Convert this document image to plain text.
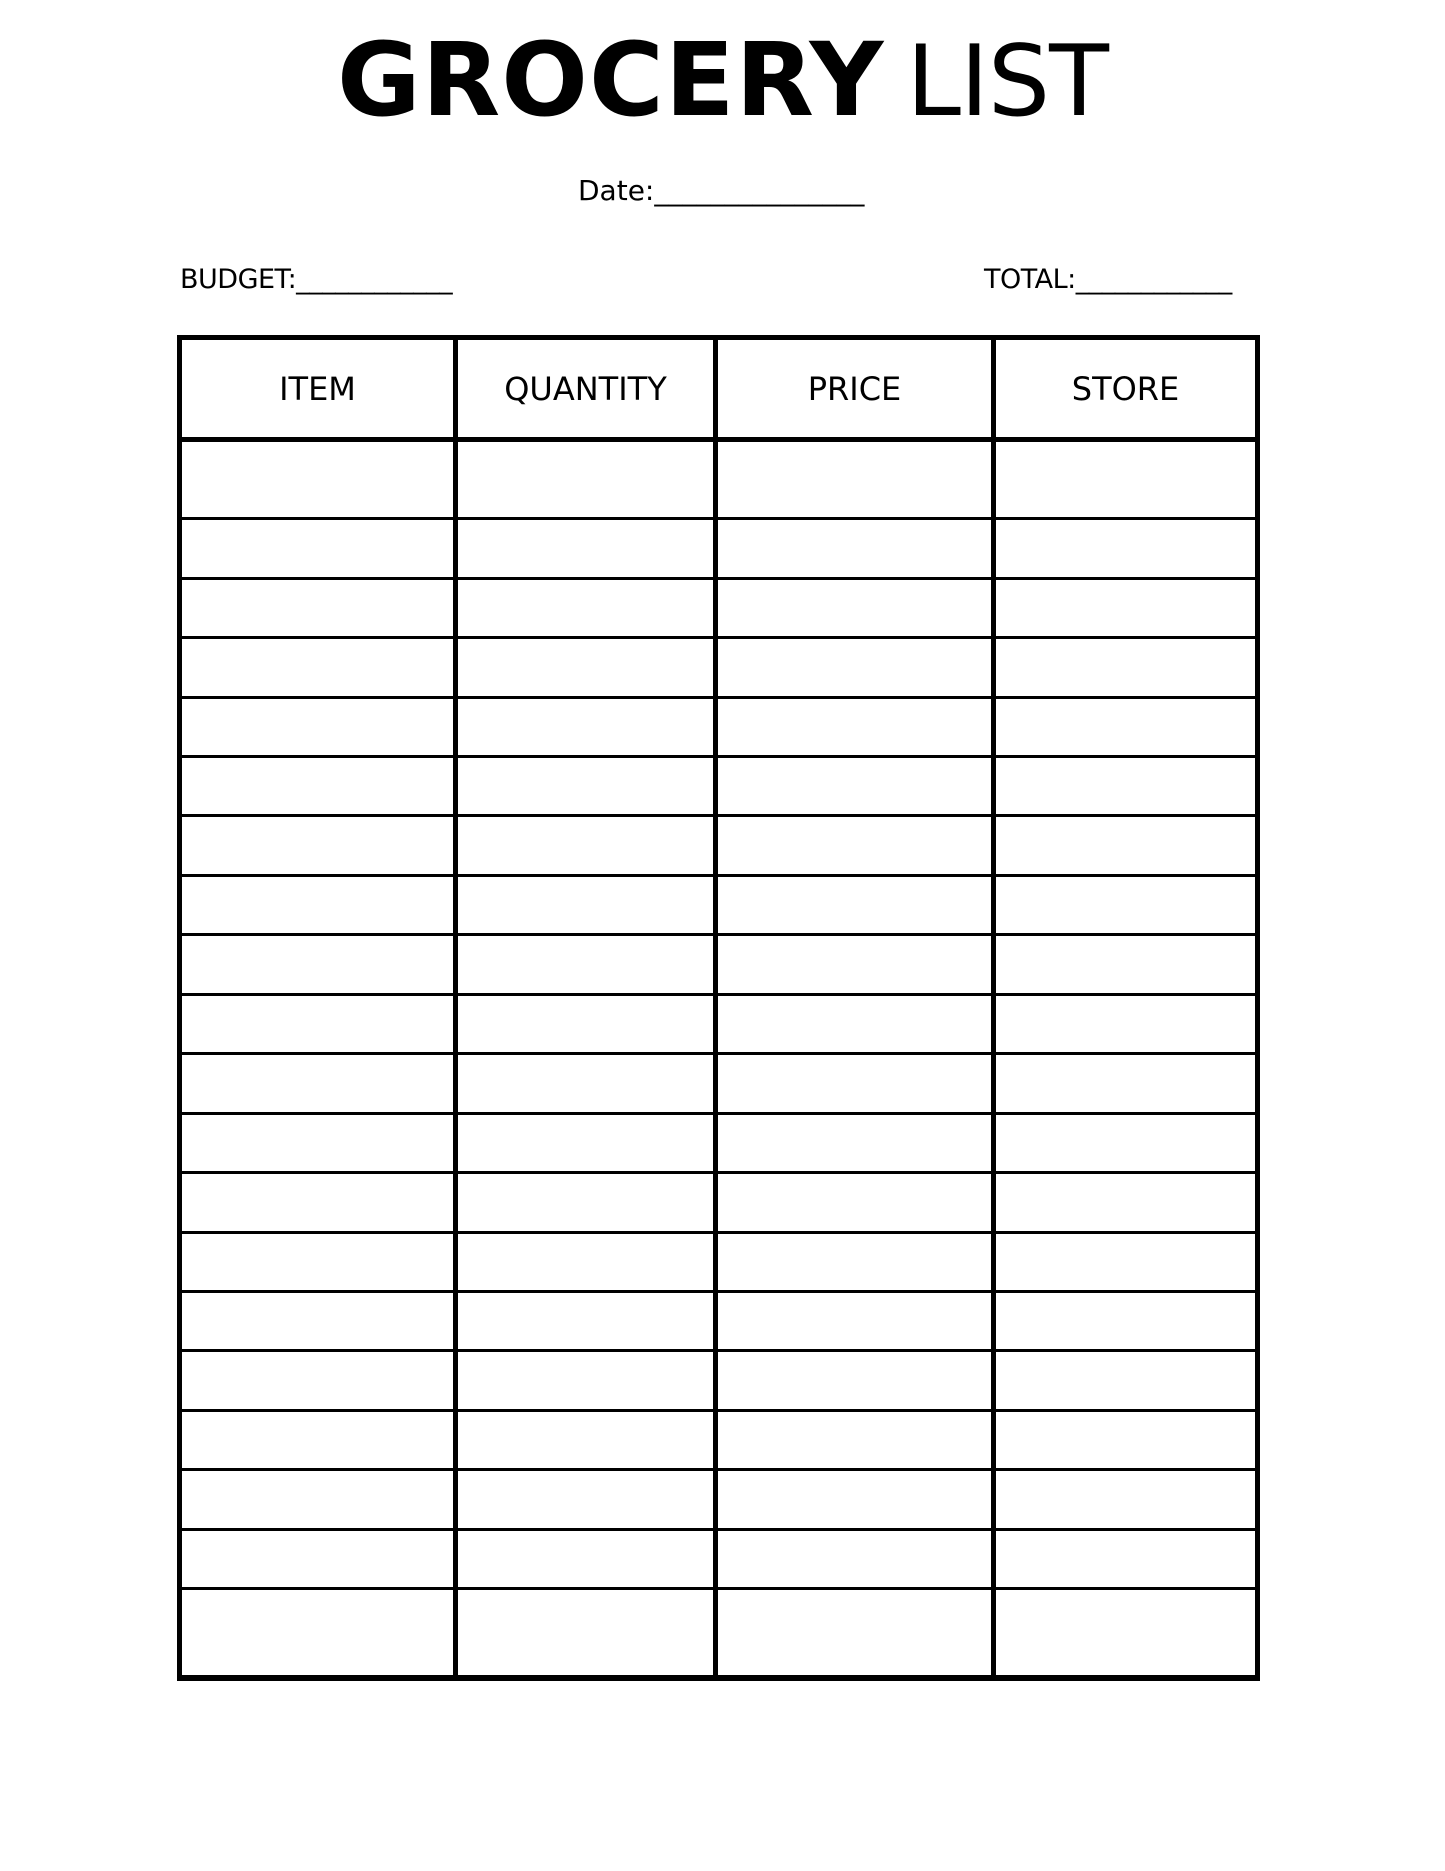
GROCERY LIST
Date:_______________
BUDGET:____________	TOTAL:____________
ITEM	QUANTITY	PRICE	STORE
